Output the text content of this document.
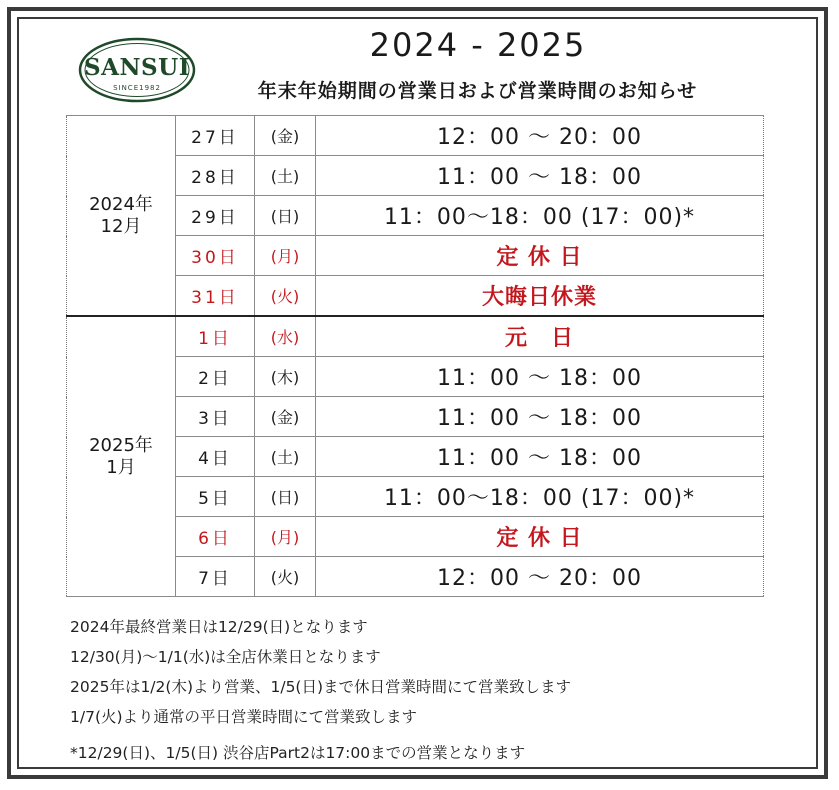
SANSUI
SINCE1982
2024 - 2025
年末年始期間の営業日および営業時間のお知らせ
2024年
12月	27日	(金)	12：00 ～ 20：00
	28日	(土)	11：00 ～ 18：00
	29日	(日)	11：00～18：00 (17：00)*
	30日	(月)	定 休 日
	31日	(火)	大晦日休業

2025年
1月	1日	(水)	元　日
	2日	(木)	11：00 ～ 18：00
	3日	(金)	11：00 ～ 18：00
	4日	(土)	11：00 ～ 18：00
	5日	(日)	11：00～18：00 (17：00)*
	6日	(月)	定 休 日
	7日	(火)	12：00 ～ 20：00
2024年最終営業日は12/29(日)となります
12/30(月)～1/1(水)は全店休業日となります
2025年は1/2(木)より営業、1/5(日)まで休日営業時間にて営業致します
1/7(火)より通常の平日営業時間にて営業致します
*12/29(日)、1/5(日) 渋谷店Part2は17:00までの営業となります
